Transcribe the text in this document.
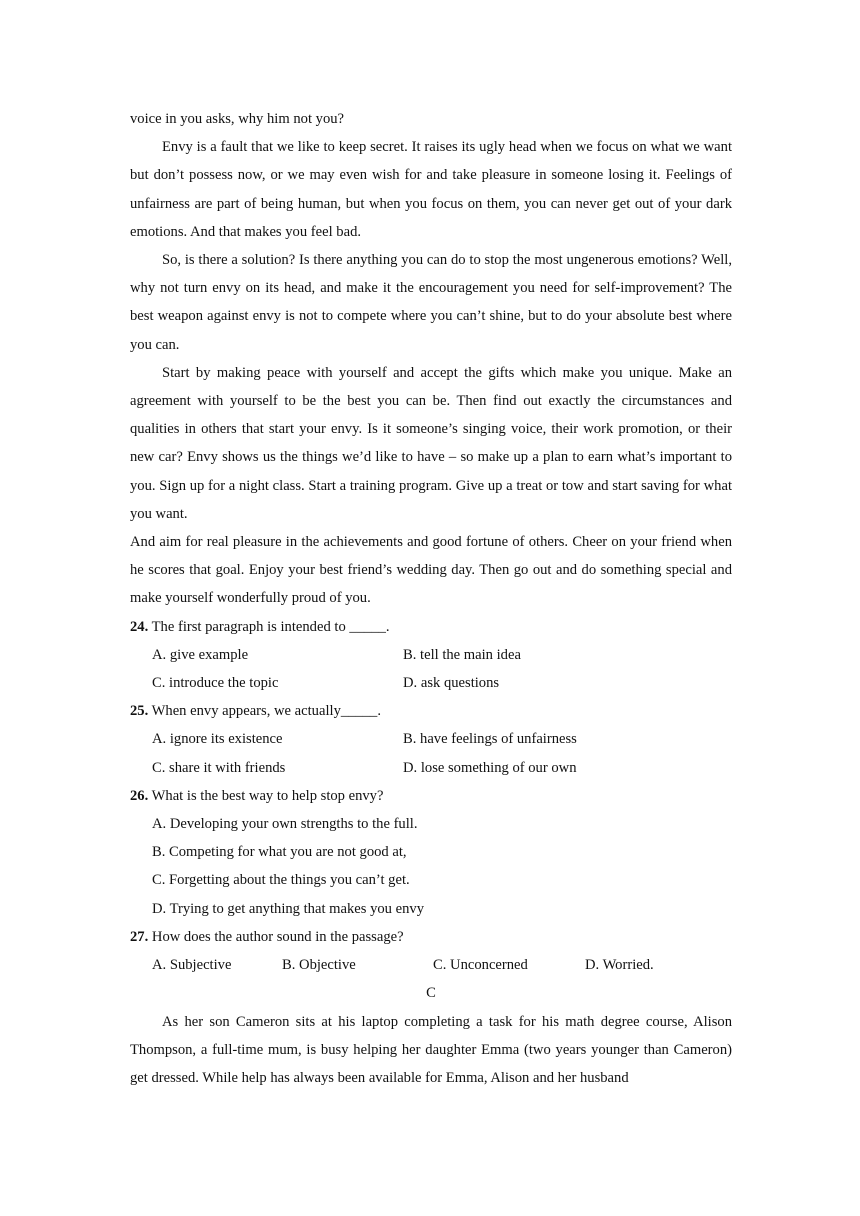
voice in you asks, why him not you?

Envy is a fault that we like to keep secret. It raises its ugly head when we focus on what we want but don’t possess now, or we may even wish for and take pleasure in someone losing it. Feelings of unfairness are part of being human, but when you focus on them, you can never get out of your dark emotions. And that makes you feel bad.

So, is there a solution? Is there anything you can do to stop the most ungenerous emotions? Well, why not turn envy on its head, and make it the encouragement you need for self-improvement? The best weapon against envy is not to compete where you can’t shine, but to do your absolute best where you can.

Start by making peace with yourself and accept the gifts which make you unique. Make an agreement with yourself to be the best you can be. Then find out exactly the circumstances and qualities in others that start your envy. Is it someone’s singing voice, their work promotion, or their new car? Envy shows us the things we’d like to have – so make up a plan to earn what’s important to you. Sign up for a night class. Start a training program. Give up a treat or tow and start saving for what you want.

And aim for real pleasure in the achievements and good fortune of others. Cheer on your friend when he scores that goal. Enjoy your best friend’s wedding day. Then go out and do something special and make yourself wonderfully proud of you.

24. The first paragraph is intended to _____.
A. give example	B. tell the main idea
C. introduce the topic	D. ask questions
25. When envy appears, we actually_____.
A. ignore its existence	B. have feelings of unfairness
C. share it with friends	D. lose something of our own
26. What is the best way to help stop envy?
A. Developing your own strengths to the full.
B. Competing for what you are not good at,
C. Forgetting about the things you can’t get.
D. Trying to get anything that makes you envy
27. How does the author sound in the passage?
A. Subjective	B. Objective	C. Unconcerned	D. Worried.
C

As her son Cameron sits at his laptop completing a task for his math degree course, Alison Thompson, a full-time mum, is busy helping her daughter Emma (two years younger than Cameron) get dressed. While help has always been available for Emma, Alison and her husband
